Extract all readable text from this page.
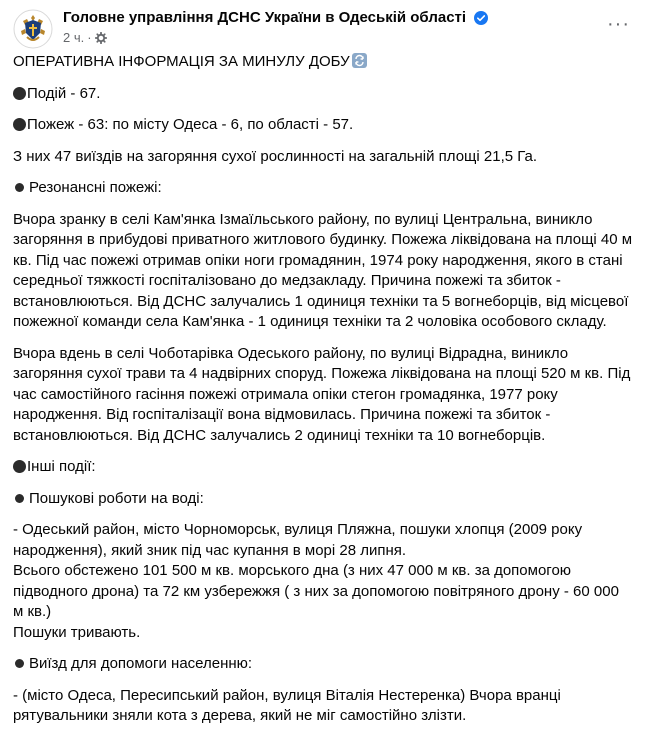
Головне управління ДСНС України в Одеській області
2 ч. ·
···

ОПЕРАТИВНА ІНФОРМАЦІЯ ЗА МИНУЛУ ДОБУ

Подій - 67.

Пожеж - 63: по місту Одеса - 6, по області - 57.

З них 47 виїздів на загоряння сухої рослинності на загальній площі 21,5 Га.

Резонансні пожежі:

Вчора зранку в селі Кам'янка Ізмаїльського району, по вулиці Центральна, виникло загоряння в прибудові приватного житлового будинку. Пожежа ліквідована на площі 40 м кв. Під час пожежі отримав опіки ноги громадянин, 1974 року народження, якого в стані середньої тяжкості госпіталізовано до медзакладу. Причина пожежі та збиток - встановлюються. Від ДСНС залучались 1 одиниця техніки та 5 вогнеборців, від місцевої пожежної команди села Кам'янка - 1 одиниця техніки та 2 чоловіка особового складу.

Вчора вдень в селі Чоботарівка Одеського району, по вулиці Відрадна, виникло загоряння сухої трави та 4 надвірних споруд. Пожежа ліквідована на площі 520 м кв. Під час самостійного гасіння пожежі отримала опіки стегон громадянка, 1977 року народження. Від госпіталізації вона відмовилась. Причина пожежі та збиток - встановлюються. Від ДСНС залучались 2 одиниці техніки та 10 вогнеборців.

Інші події:

Пошукові роботи на воді:

- Одеський район, місто Чорноморськ, вулиця Пляжна, пошуки хлопця (2009 року народження), який зник під час купання в морі 28 липня.
Всього обстежено 101 500 м кв. морського дна (з них 47 000 м кв. за допомогою підводного дрона) та 72 км узбережжя ( з них за допомогою повітряного дрону - 60 000 м кв.)
Пошуки тривають.

Виїзд для допомоги населенню:

- (місто Одеса, Пересипський район, вулиця Віталія Нестеренка) Вчора вранці рятувальники зняли кота з дерева, який не міг самостійно злізти.
